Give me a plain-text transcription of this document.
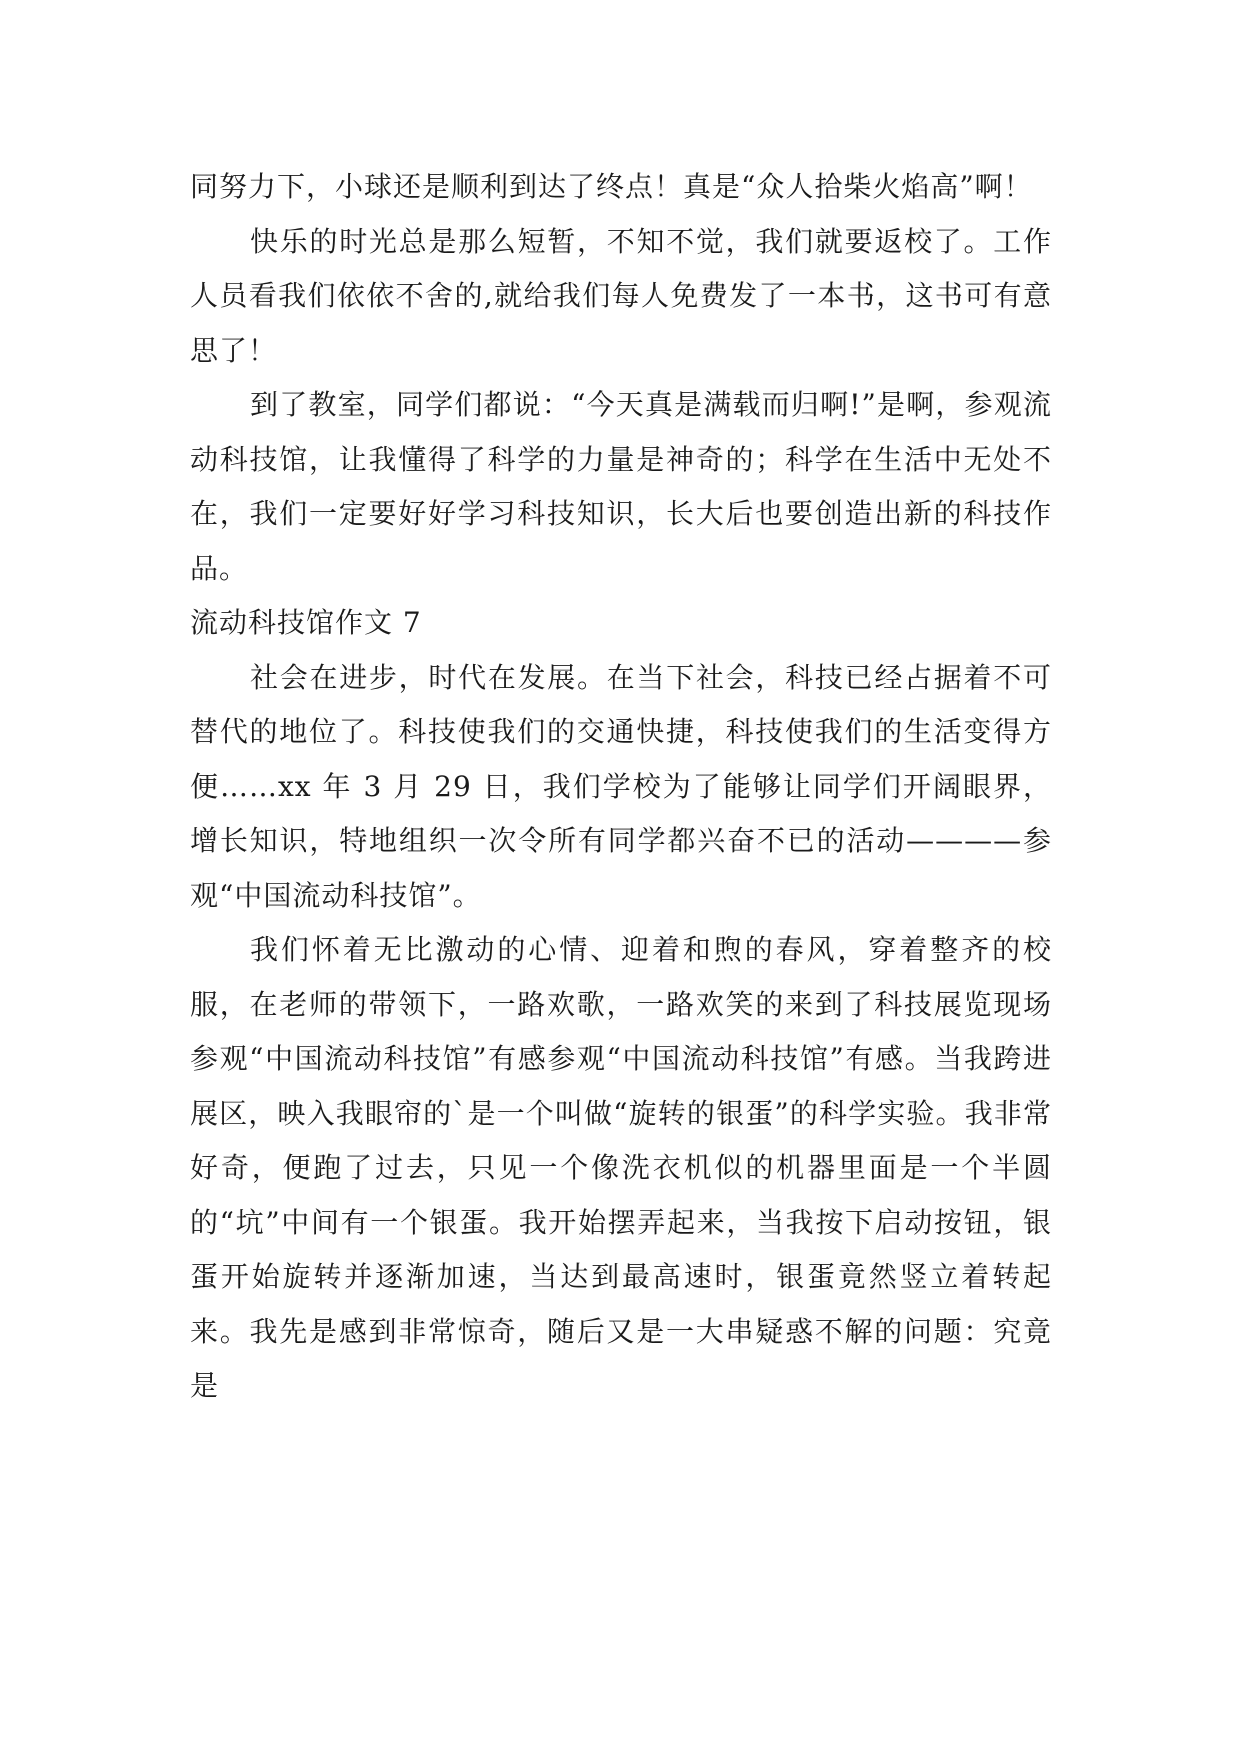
同努力下，小球还是顺利到达了终点！真是“众人拾柴火焰高”啊！

快乐的时光总是那么短暂，不知不觉，我们就要返校了。工作人员看我们依依不舍的,就给我们每人免费发了一本书，这书可有意思了！

到了教室，同学们都说：“今天真是满载而归啊!”是啊，参观流动科技馆，让我懂得了科学的力量是神奇的；科学在生活中无处不在，我们一定要好好学习科技知识，长大后也要创造出新的科技作品。

流动科技馆作文 7

社会在进步，时代在发展。在当下社会，科技已经占据着不可替代的地位了。科技使我们的交通快捷，科技使我们的生活变得方便……xx 年 3 月 29 日，我们学校为了能够让同学们开阔眼界，增长知识，特地组织一次令所有同学都兴奋不已的活动————参观“中国流动科技馆”。

我们怀着无比激动的心情、迎着和煦的春风，穿着整齐的校服，在老师的带领下，一路欢歌，一路欢笑的来到了科技展览现场参观“中国流动科技馆”有感参观“中国流动科技馆”有感。当我跨进展区，映入我眼帘的`是一个叫做“旋转的银蛋”的科学实验。我非常好奇，便跑了过去，只见一个像洗衣机似的机器里面是一个半圆的“坑”中间有一个银蛋。我开始摆弄起来，当我按下启动按钮，银蛋开始旋转并逐渐加速，当达到最高速时，银蛋竟然竖立着转起来。我先是感到非常惊奇，随后又是一大串疑惑不解的问题：究竟是
